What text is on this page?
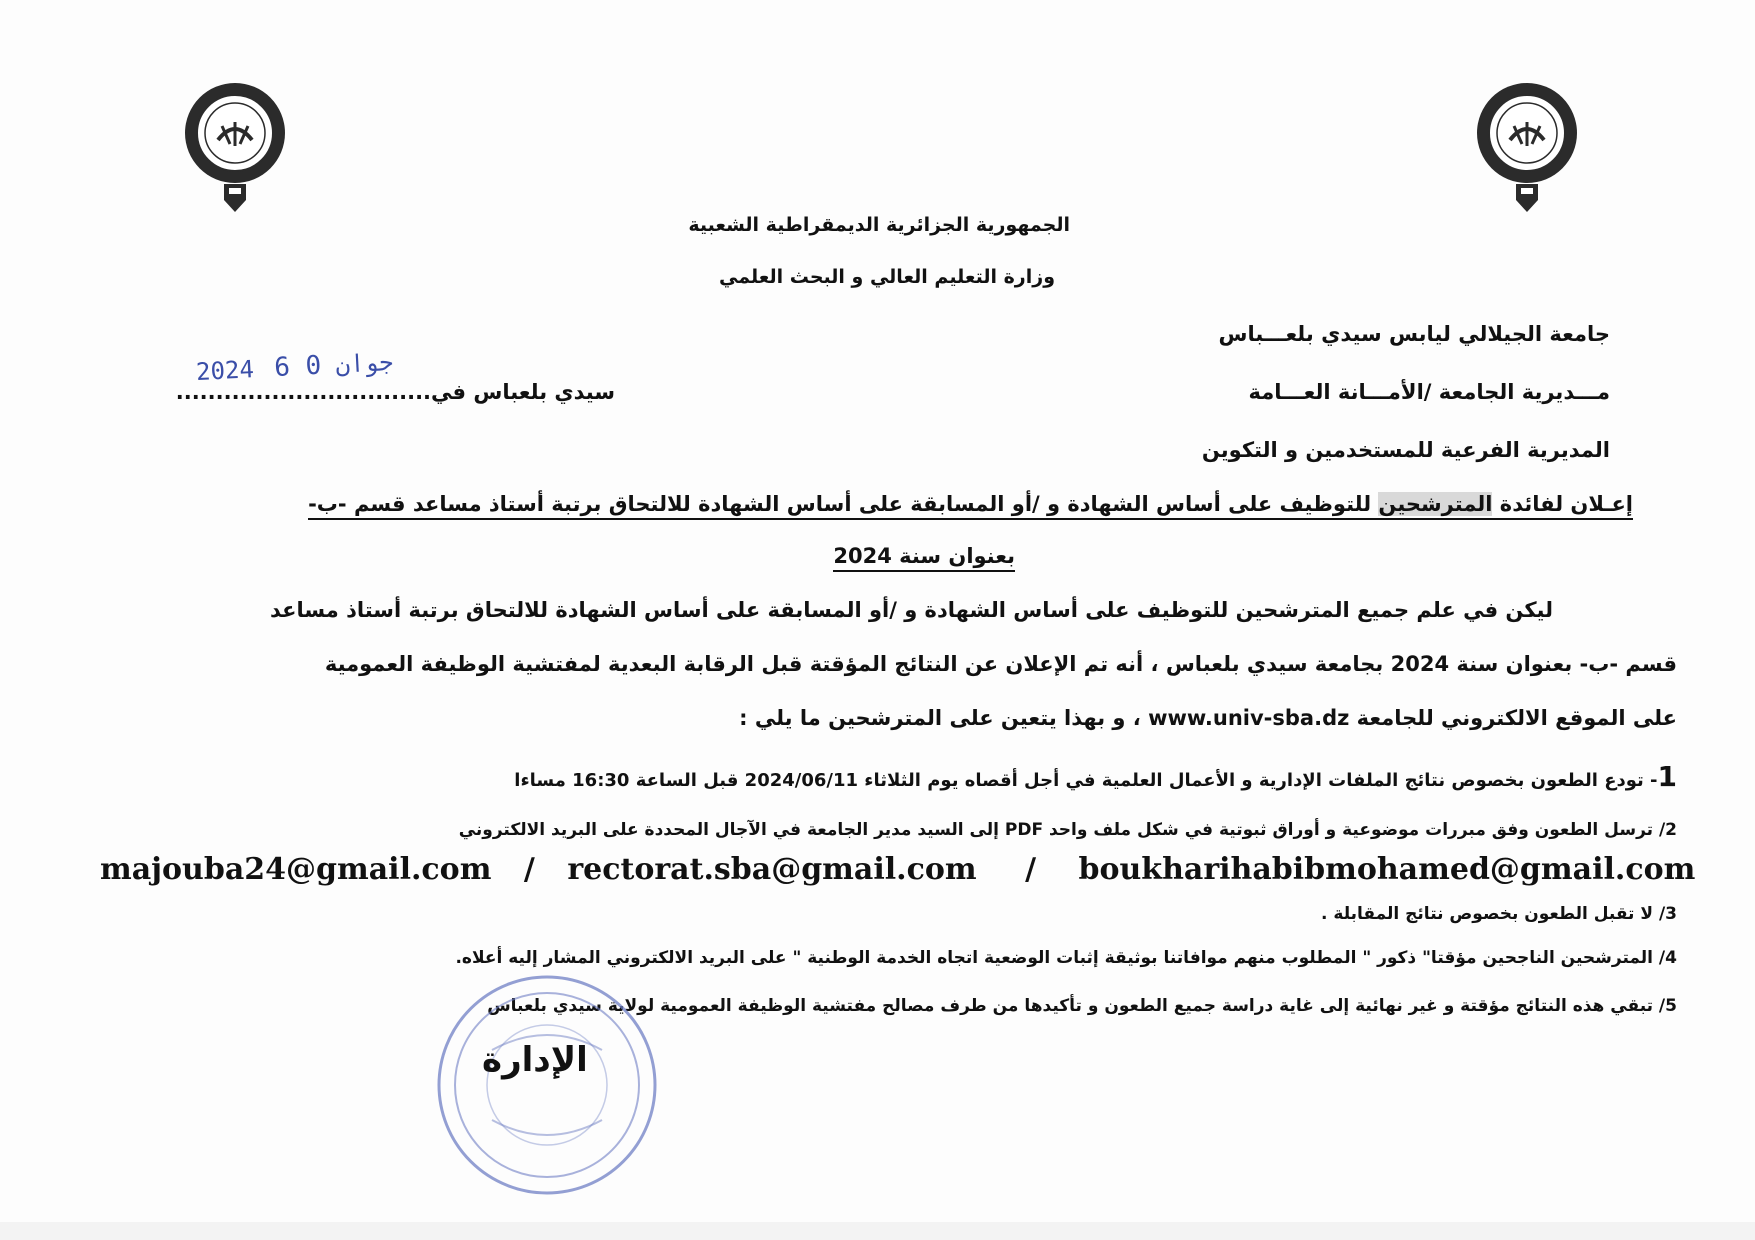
الجمهورية الجزائرية الديمقراطية الشعبية
وزارة التعليم العالي و البحث العلمي
جامعة الجيلالي ليابس سيدي بلعـــباس
مـــديرية الجامعة /الأمـــانة العـــامة
المديرية الفرعية للمستخدمين و التكوين
سيدي بلعباس في................................
2024	جوان 0 6
إعـلان لفائدة المترشحين للتوظيف على أساس الشهادة و /أو المسابقة على أساس الشهادة للالتحاق برتبة أستاذ مساعد قسم -ب-
بعنوان سنة 2024
ليكن في علم جميع المترشحين للتوظيف على أساس الشهادة و /أو المسابقة على أساس الشهادة للالتحاق برتبة أستاذ مساعد
قسم -ب- بعنوان سنة 2024 بجامعة سيدي بلعباس ، أنه تم الإعلان عن النتائج المؤقتة قبل الرقابة البعدية لمفتشية الوظيفة العمومية
على الموقع الالكتروني للجامعة www.univ-sba.dz ، و بهذا يتعين على المترشحين ما يلي :
1- تودع الطعون بخصوص نتائج الملفات الإدارية و الأعمال العلمية في أجل أقصاه يوم الثلاثاء 2024/06/11 قبل الساعة 16:30 مساءا
2/ ترسل الطعون وفق مبررات موضوعية و أوراق ثبوتية في شكل ملف واحد PDF إلى السيد مدير الجامعة في الآجال المحددة على البريد الالكتروني
majouba24@gmail.com / rectorat.sba@gmail.com / boukharihabibmohamed@gmail.com
3/ لا تقبل الطعون بخصوص نتائج المقابلة .
4/ المترشحين الناجحين مؤقتا" ذكور " المطلوب منهم موافاتنا بوثيقة إثبات الوضعية اتجاه الخدمة الوطنية " على البريد الالكتروني المشار إليه أعلاه.
5/ تبقي هذه النتائج مؤقتة و غير نهائية إلى غاية دراسة جميع الطعون و تأكيدها من طرف مصالح مفتشية الوظيفة العمومية لولاية سيدي بلعباس
الإدارة
